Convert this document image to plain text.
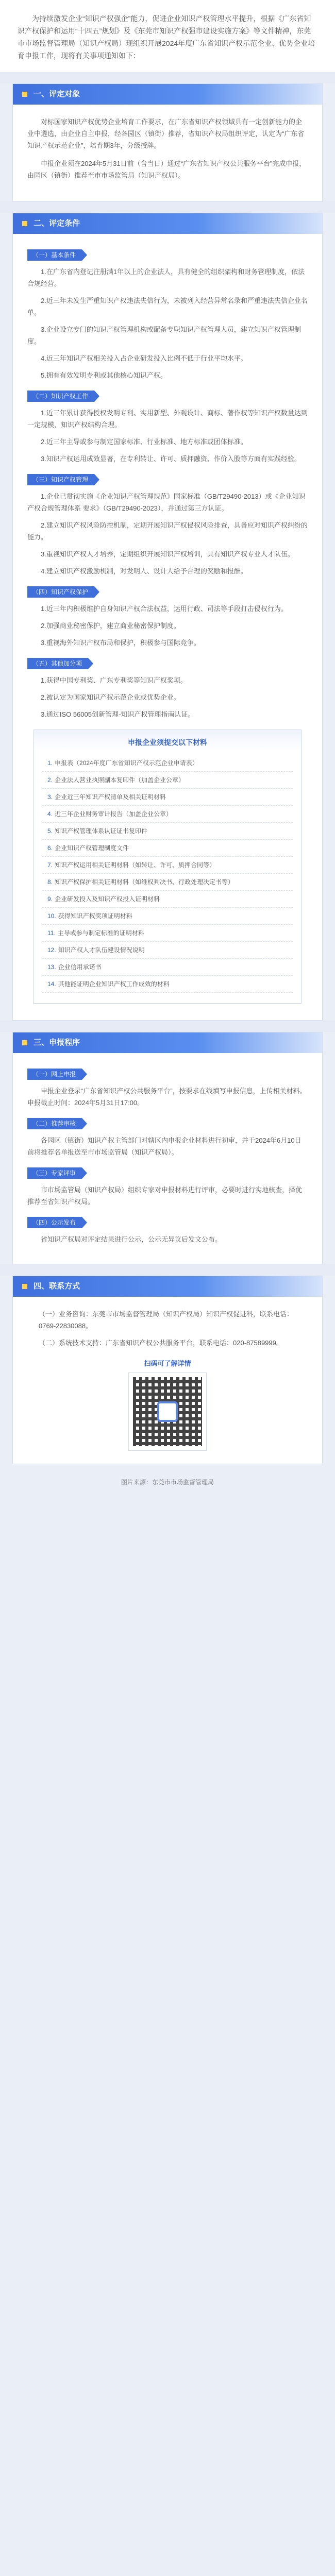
为持续激发企业“知识产权强企”能力，促进企业知识产权管理水平提升，根据《广东省知识产权保护和运用“十四五”规划》及《东莞市知识产权强市建设实施方案》等文件精神，东莞市市场监督管理局（知识产权局）现组织开展2024年度广东省知识产权示范企业、优势企业培育申报工作，现将有关事项通知如下：
一、评定对象

对标国家知识产权优势企业培育工作要求，在广东省知识产权领域具有一定创新能力的企业中遴选，由企业自主申报，经各园区（镇街）推荐，省知识产权局组织评定，认定为“广东省知识产权示范企业”，培育期3年，分级授牌。

申报企业须在2024年5月31日前（含当日）通过“广东省知识产权公共服务平台”完成申报，由园区（镇街）推荐至市市场监管局（知识产权局）。

二、评定条件
（一）基本条件

1.在广东省内登记注册满1年以上的企业法人，具有健全的组织架构和财务管理制度，依法合规经营。

2.近三年未发生严重知识产权违法失信行为，未被列入经营异常名录和严重违法失信企业名单。

3.企业设立专门的知识产权管理机构或配备专职知识产权管理人员，建立知识产权管理制度。

4.近三年知识产权相关投入占企业研发投入比例不低于行业平均水平。

5.拥有有效发明专利或其他核心知识产权。

（二）知识产权工作

1.近三年累计获得授权发明专利、实用新型、外观设计、商标、著作权等知识产权数量达到一定规模，知识产权结构合理。

2.近三年主导或参与制定国家标准、行业标准、地方标准或团体标准。

3.知识产权运用成效显著，在专利转让、许可、质押融资、作价入股等方面有实践经验。

（三）知识产权管理

1.企业已贯彻实施《企业知识产权管理规范》国家标准（GB/T29490-2013）或《企业知识产权合规管理体系 要求》（GB/T29490-2023），并通过第三方认证。

2.建立知识产权风险防控机制，定期开展知识产权侵权风险排查，具备应对知识产权纠纷的能力。

3.重视知识产权人才培养，定期组织开展知识产权培训，具有知识产权专业人才队伍。

4.建立知识产权激励机制，对发明人、设计人给予合理的奖励和报酬。

（四）知识产权保护

1.近三年内积极维护自身知识产权合法权益，运用行政、司法等手段打击侵权行为。

2.加强商业秘密保护，建立商业秘密保护制度。

3.重视海外知识产权布局和保护，积极参与国际竞争。

（五）其他加分项

1.获得中国专利奖、广东专利奖等知识产权奖项。

2.被认定为国家知识产权示范企业或优势企业。

3.通过ISO 56005创新管理-知识产权管理指南认证。

申报企业须提交以下材料
1. 申报表（2024年度广东省知识产权示范企业申请表）
2. 企业法人营业执照副本复印件（加盖企业公章）
3. 企业近三年知识产权清单及相关证明材料
4. 近三年企业财务审计报告（加盖企业公章）
5. 知识产权管理体系认证证书复印件
6. 企业知识产权管理制度文件
7. 知识产权运用相关证明材料（如转让、许可、质押合同等）
8. 知识产权保护相关证明材料（如维权判决书、行政处理决定书等）
9. 企业研发投入及知识产权投入证明材料
10. 获得知识产权奖项证明材料
11. 主导或参与制定标准的证明材料
12. 知识产权人才队伍建设情况说明
13. 企业信用承诺书
14. 其他能证明企业知识产权工作成效的材料
三、申报程序
（一）网上申报

申报企业登录“广东省知识产权公共服务平台”，按要求在线填写申报信息，上传相关材料。申报截止时间：2024年5月31日17:00。

（二）推荐审核

各园区（镇街）知识产权主管部门对辖区内申报企业材料进行初审，并于2024年6月10日前将推荐名单报送至市市场监管局（知识产权局）。

（三）专家评审

市市场监管局（知识产权局）组织专家对申报材料进行评审，必要时进行实地核查，择优推荐至省知识产权局。

（四）公示发布

省知识产权局对评定结果进行公示，公示无异议后发文公布。

四、联系方式

（一）业务咨询：东莞市市场监督管理局（知识产权局）知识产权促进科，联系电话：0769-22830088。

（二）系统技术支持：广东省知识产权公共服务平台，联系电话：020-87589999。

扫码可了解详情
图片来源：东莞市市场监督管理局
